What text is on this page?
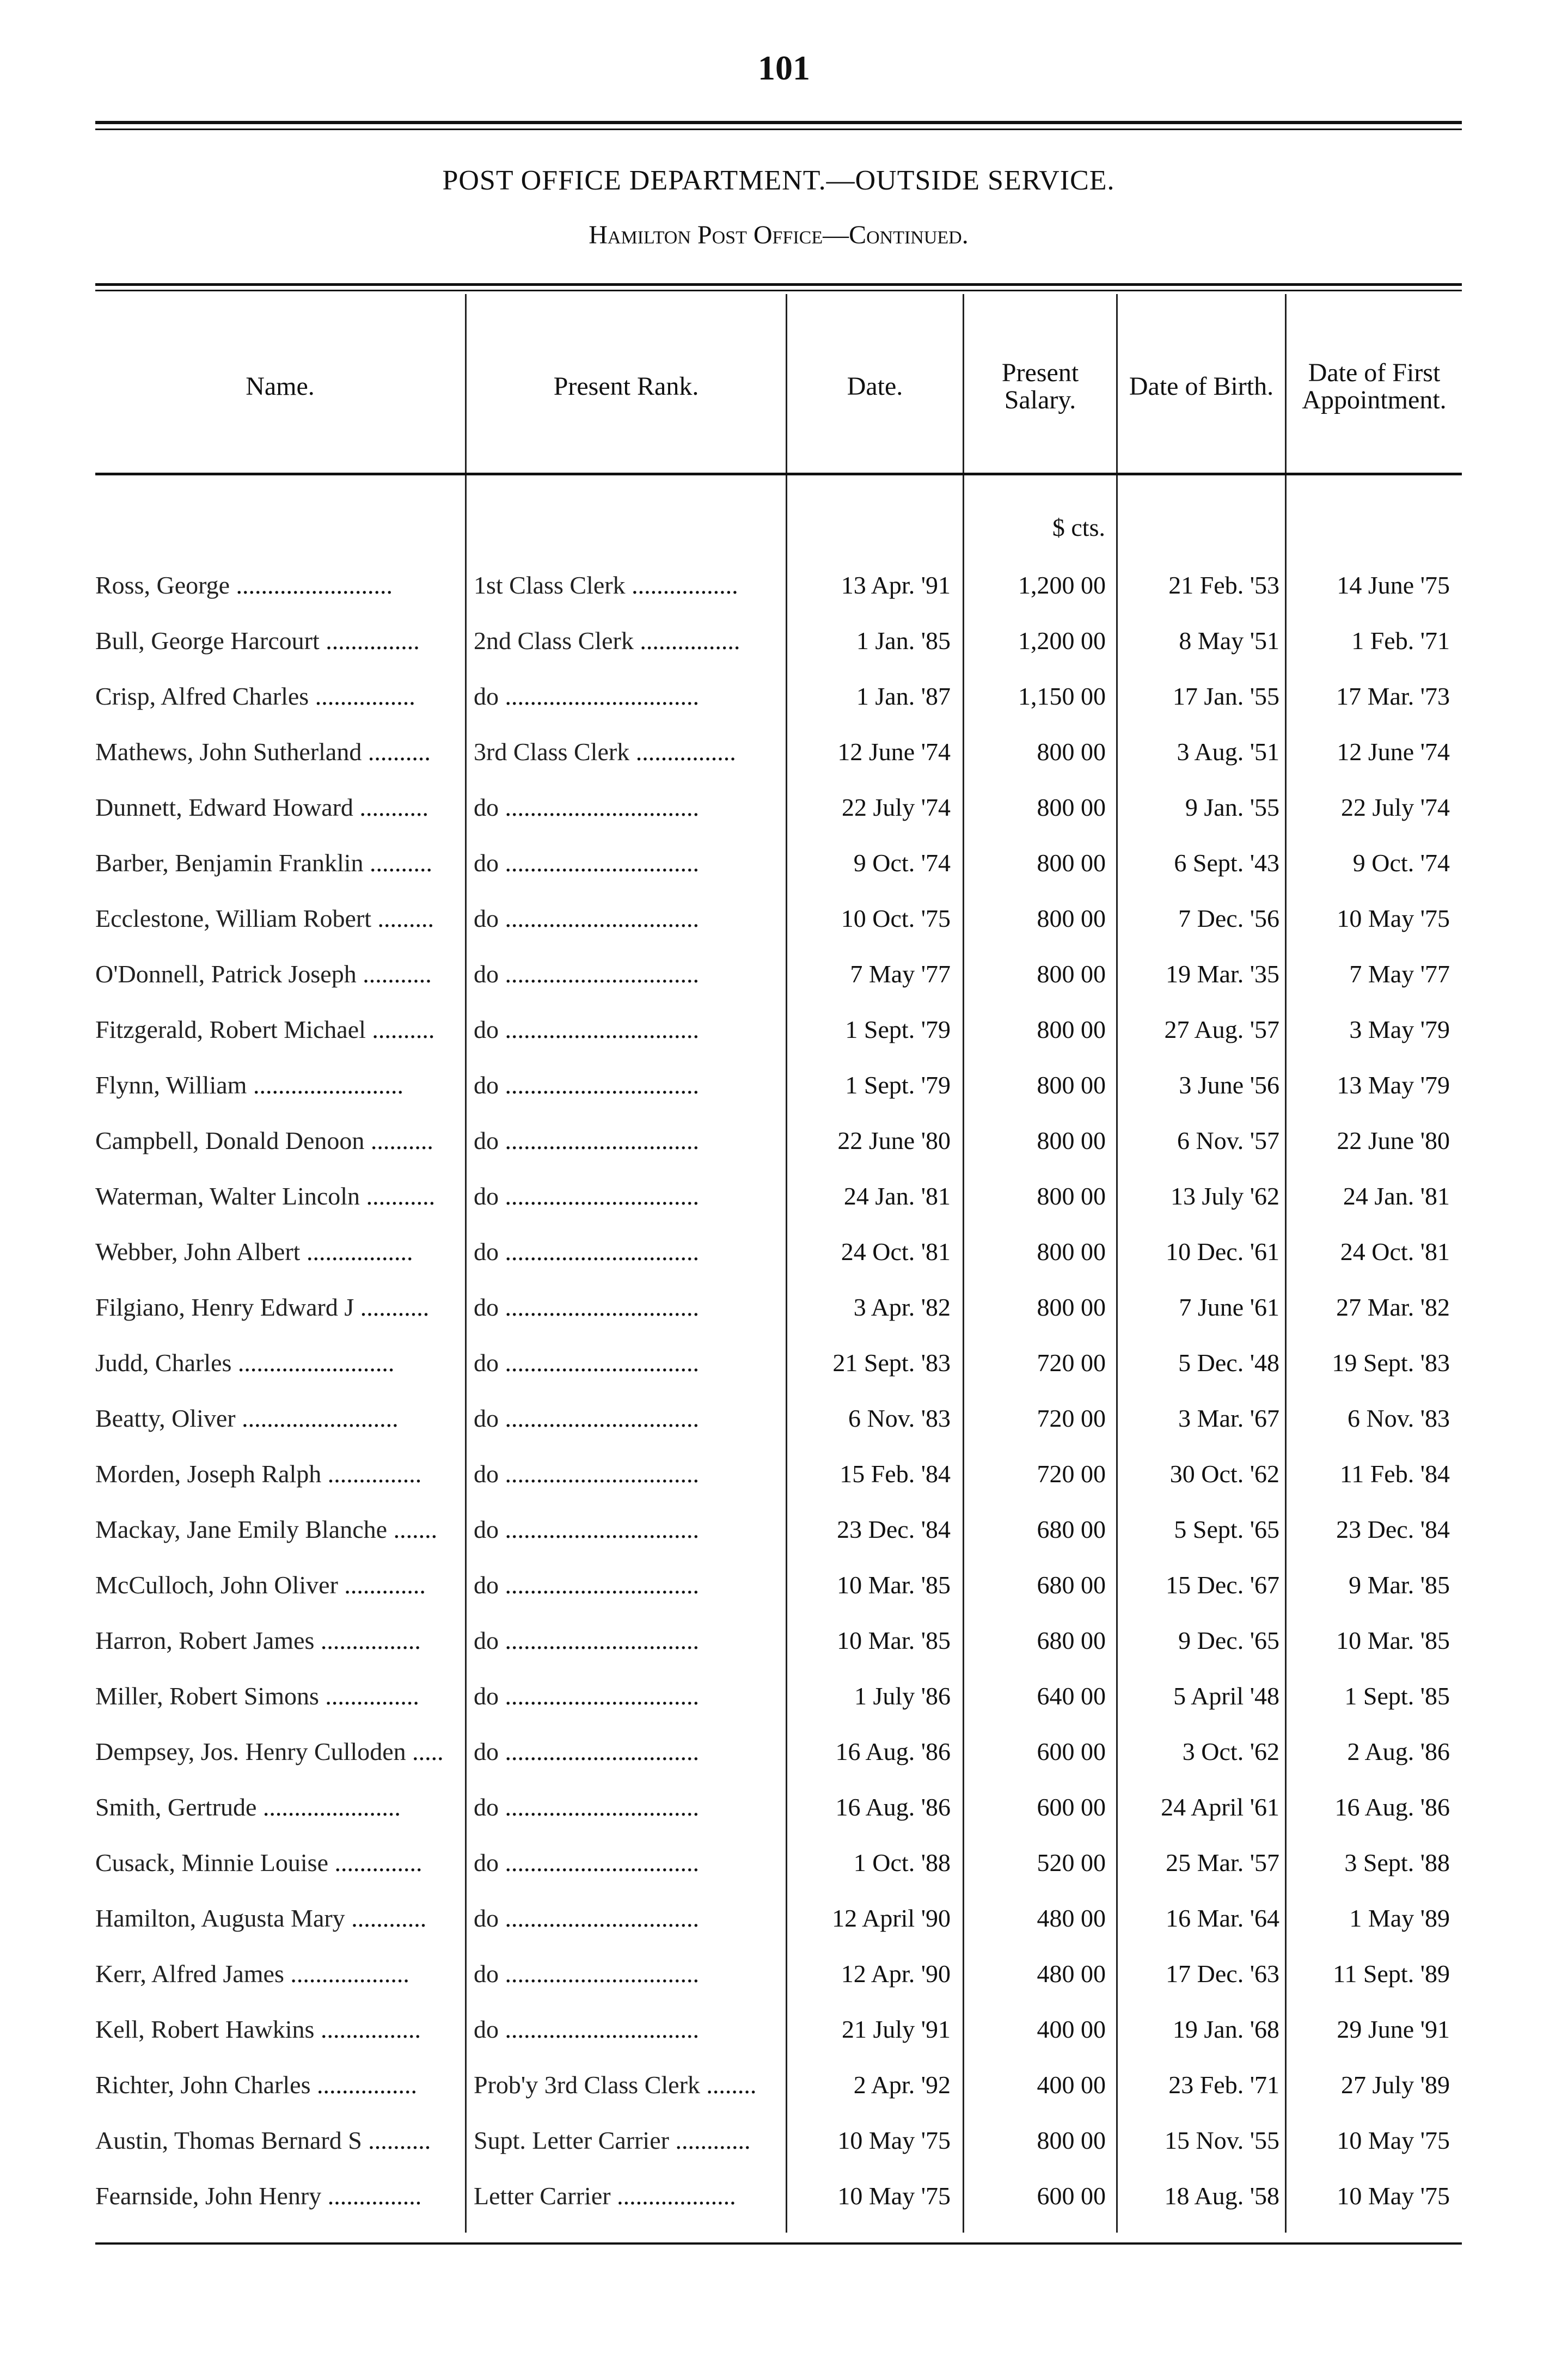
101
POST OFFICE DEPARTMENT.—OUTSIDE SERVICE.
Hamilton Post Office—Continued.
Name.	Present Rank.	Date.	Present Salary.	Date of Birth.	Date of First Appointment.
$ cts.
Ross, George .........................	1st Class Clerk .................	13 Apr. '91	1,200 00	21 Feb. '53	14 June '75
Bull, George Harcourt ...............	2nd Class Clerk ................	1 Jan. '85	1,200 00	8 May '51	1 Feb. '71
Crisp, Alfred Charles ................	do ...............................	1 Jan. '87	1,150 00	17 Jan. '55	17 Mar. '73
Mathews, John Sutherland ..........	3rd Class Clerk ................	12 June '74	800 00	3 Aug. '51	12 June '74
Dunnett, Edward Howard ...........	do ...............................	22 July '74	800 00	9 Jan. '55	22 July '74
Barber, Benjamin Franklin ..........	do ...............................	9 Oct. '74	800 00	6 Sept. '43	9 Oct. '74
Ecclestone, William Robert .........	do ...............................	10 Oct. '75	800 00	7 Dec. '56	10 May '75
O'Donnell, Patrick Joseph ...........	do ...............................	7 May '77	800 00	19 Mar. '35	7 May '77
Fitzgerald, Robert Michael ..........	do ...............................	1 Sept. '79	800 00	27 Aug. '57	3 May '79
Flynn, William ........................	do ...............................	1 Sept. '79	800 00	3 June '56	13 May '79
Campbell, Donald Denoon ..........	do ...............................	22 June '80	800 00	6 Nov. '57	22 June '80
Waterman, Walter Lincoln ...........	do ...............................	24 Jan. '81	800 00	13 July '62	24 Jan. '81
Webber, John Albert .................	do ...............................	24 Oct. '81	800 00	10 Dec. '61	24 Oct. '81
Filgiano, Henry Edward J ...........	do ...............................	3 Apr. '82	800 00	7 June '61	27 Mar. '82
Judd, Charles .........................	do ...............................	21 Sept. '83	720 00	5 Dec. '48	19 Sept. '83
Beatty, Oliver .........................	do ...............................	6 Nov. '83	720 00	3 Mar. '67	6 Nov. '83
Morden, Joseph Ralph ...............	do ...............................	15 Feb. '84	720 00	30 Oct. '62	11 Feb. '84
Mackay, Jane Emily Blanche .......	do ...............................	23 Dec. '84	680 00	5 Sept. '65	23 Dec. '84
McCulloch, John Oliver .............	do ...............................	10 Mar. '85	680 00	15 Dec. '67	9 Mar. '85
Harron, Robert James ................	do ...............................	10 Mar. '85	680 00	9 Dec. '65	10 Mar. '85
Miller, Robert Simons ...............	do ...............................	1 July '86	640 00	5 April '48	1 Sept. '85
Dempsey, Jos. Henry Culloden .....	do ...............................	16 Aug. '86	600 00	3 Oct. '62	2 Aug. '86
Smith, Gertrude ......................	do ...............................	16 Aug. '86	600 00	24 April '61	16 Aug. '86
Cusack, Minnie Louise ..............	do ...............................	1 Oct. '88	520 00	25 Mar. '57	3 Sept. '88
Hamilton, Augusta Mary ............	do ...............................	12 April '90	480 00	16 Mar. '64	1 May '89
Kerr, Alfred James ...................	do ...............................	12 Apr. '90	480 00	17 Dec. '63	11 Sept. '89
Kell, Robert Hawkins ................	do ...............................	21 July '91	400 00	19 Jan. '68	29 June '91
Richter, John Charles ................	Prob'y 3rd Class Clerk ........	2 Apr. '92	400 00	23 Feb. '71	27 July '89
Austin, Thomas Bernard S ..........	Supt. Letter Carrier ............	10 May '75	800 00	15 Nov. '55	10 May '75
Fearnside, John Henry ...............	Letter Carrier ...................	10 May '75	600 00	18 Aug. '58	10 May '75
